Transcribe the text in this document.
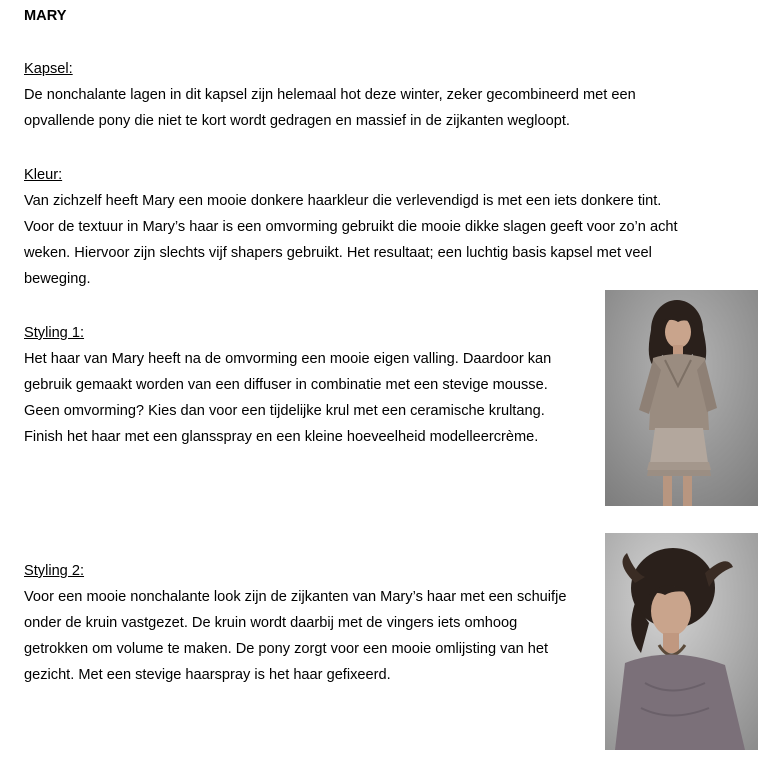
MARY
Kapsel:
De nonchalante lagen in dit kapsel zijn helemaal hot deze winter, zeker gecombineerd met een
opvallende pony die niet te kort wordt gedragen en massief in de zijkanten wegloopt.
Kleur:
Van zichzelf heeft Mary een mooie donkere haarkleur die verlevendigd is met een iets donkere tint.
Voor de textuur in Mary’s haar is een omvorming gebruikt die mooie dikke slagen geeft voor zo’n acht
weken. Hiervoor zijn slechts vijf shapers gebruikt. Het resultaat; een luchtig basis kapsel met veel
beweging.
Styling 1:
Het haar van Mary heeft na de omvorming een mooie eigen valling. Daardoor kan
gebruik gemaakt worden van een diffuser in combinatie met een stevige mousse.
Geen omvorming? Kies dan voor een tijdelijke krul met een ceramische krultang.
Finish het haar met een glansspray en een kleine hoeveelheid modelleercrème.
Styling 2:
Voor een mooie nonchalante look zijn de zijkanten van Mary’s haar met een schuifje
onder de kruin vastgezet. De kruin wordt daarbij met de vingers iets omhoog
getrokken om volume te maken. De pony zorgt voor een mooie omlijsting van het
gezicht. Met een stevige haarspray is het haar gefixeerd.
